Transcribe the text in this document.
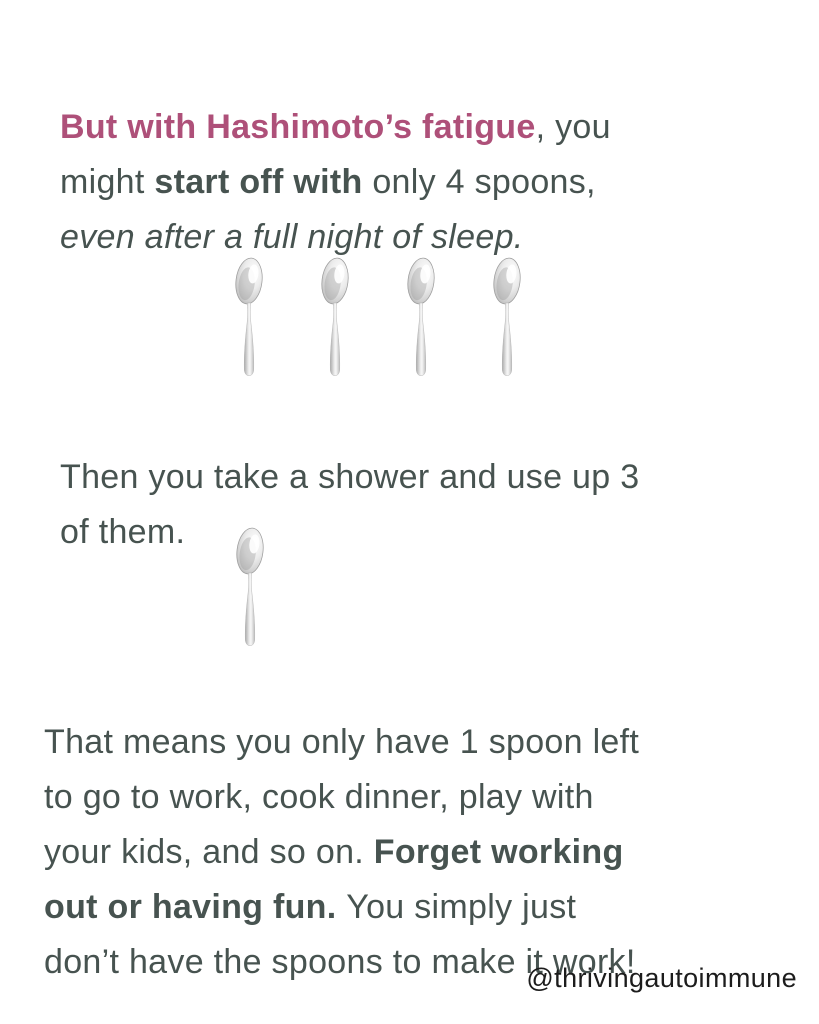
But with Hashimoto’s fatigue, you
might start off with only 4 spoons,
even after a full night of sleep.

Then you take a shower and use up 3
of them.

That means you only have 1 spoon left
to go to work, cook dinner, play with
your kids, and so on. Forget working
out or having fun. You simply just
don’t have the spoons to make it work!

@thrivingautoimmune
